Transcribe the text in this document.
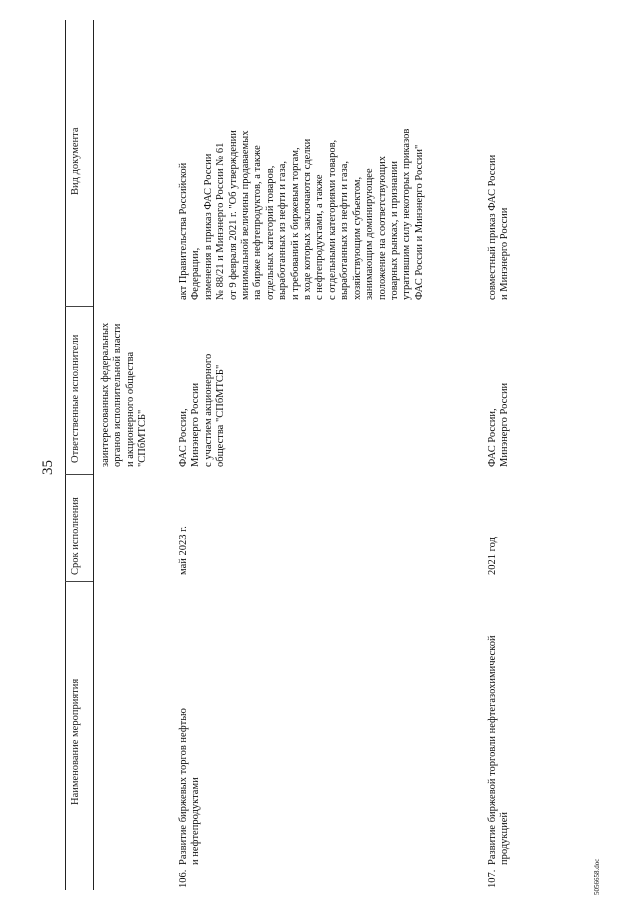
35
5056658.doc
Наименование мероприятия
Срок исполнения
Ответственные исполнители
Вид документа
заинтересованных федеральных органов исполнительной власти и акционерного общества "СПбМТСБ"
106.
Развитие биржевых торгов нефтью и нефтепродуктами
май 2023 г.
ФАС России, Минэнерго России с участием акционерного общества "СПбМТСБ"
акт Правительства Российской Федерации, изменения в приказ ФАС России № 88/21 и Минэнерго России № 61 от 9 февраля 2021 г. "Об утверждении минимальной величины продаваемых на бирже нефтепродуктов, а также отдельных категорий товаров, выработанных из нефти и газа, и требований к биржевым торгам, в ходе которых заключаются сделки с нефтепродуктами, а также с отдельными категориями товаров, выработанных из нефти и газа, хозяйствующим субъектом, занимающим доминирующее положение на соответствующих товарных рынках, и признании утратившим силу некоторых приказов ФАС России и Минэнерго России"
107.
Развитие биржевой торговли нефтегазохимической продукцией
2021 год
ФАС России, Минэнерго России
совместный приказ ФАС России и Минэнерго России
